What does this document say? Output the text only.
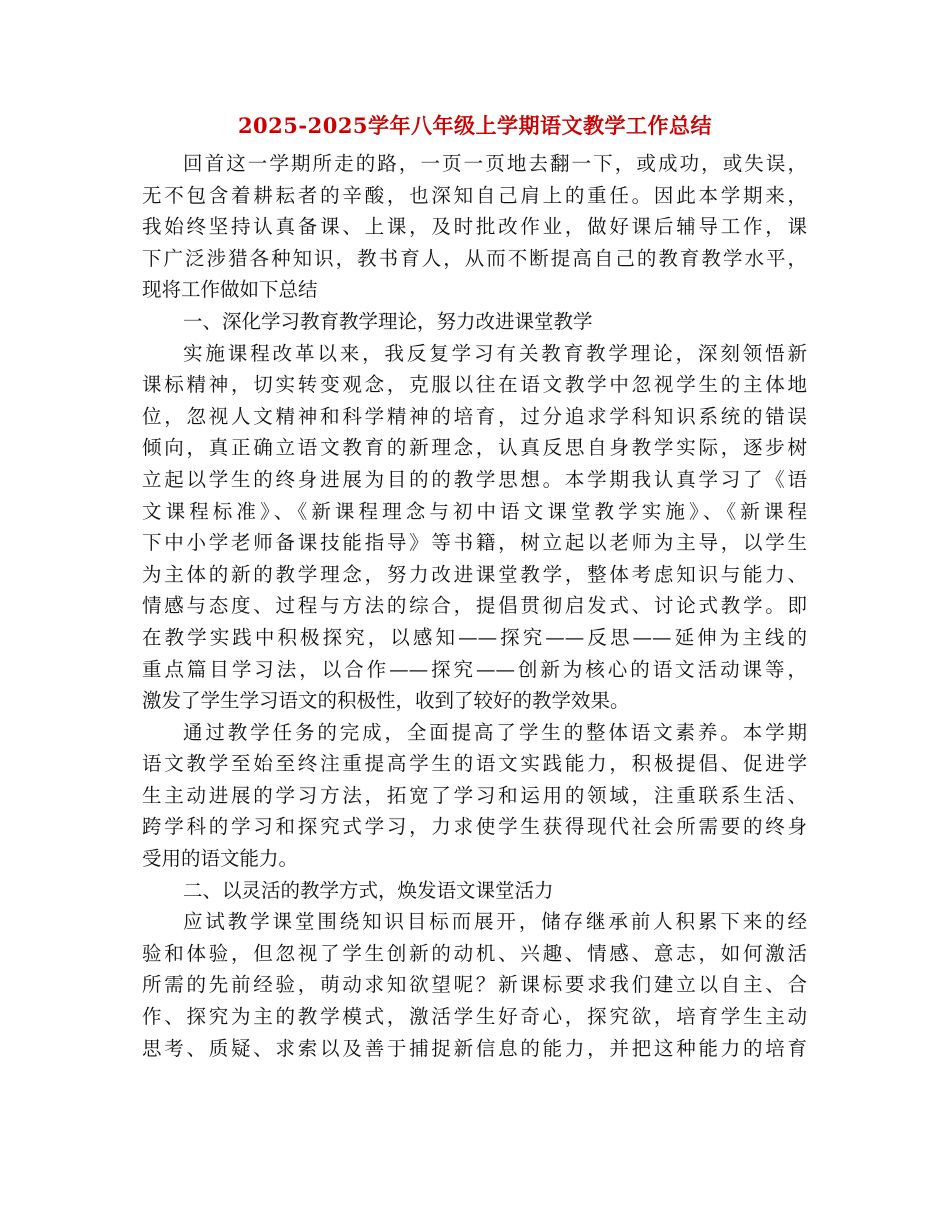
2025-2025学年八年级上学期语文教学工作总结
回首这一学期所走的路，一页一页地去翻一下，或成功，或失误，
无不包含着耕耘者的辛酸，也深知自己肩上的重任。因此本学期来，
我始终坚持认真备课、上课，及时批改作业，做好课后辅导工作，课
下广泛涉猎各种知识，教书育人，从而不断提高自己的教育教学水平，
现将工作做如下总结
一、深化学习教育教学理论，努力改进课堂教学
实施课程改革以来，我反复学习有关教育教学理论，深刻领悟新
课标精神，切实转变观念，克服以往在语文教学中忽视学生的主体地
位，忽视人文精神和科学精神的培育，过分追求学科知识系统的错误
倾向，真正确立语文教育的新理念，认真反思自身教学实际，逐步树
立起以学生的终身进展为目的的教学思想。本学期我认真学习了《语
文课程标准》、《新课程理念与初中语文课堂教学实施》、《新课程
下中小学老师备课技能指导》等书籍，树立起以老师为主导，以学生
为主体的新的教学理念，努力改进课堂教学，整体考虑知识与能力、
情感与态度、过程与方法的综合，提倡贯彻启发式、讨论式教学。即
在教学实践中积极探究，以感知——探究——反思——延伸为主线的
重点篇目学习法，以合作——探究——创新为核心的语文活动课等，
激发了学生学习语文的积极性，收到了较好的教学效果。
通过教学任务的完成，全面提高了学生的整体语文素养。本学期
语文教学至始至终注重提高学生的语文实践能力，积极提倡、促进学
生主动进展的学习方法，拓宽了学习和运用的领域，注重联系生活、
跨学科的学习和探究式学习，力求使学生获得现代社会所需要的终身
受用的语文能力。
二、以灵活的教学方式，焕发语文课堂活力
应试教学课堂围绕知识目标而展开，储存继承前人积累下来的经
验和体验，但忽视了学生创新的动机、兴趣、情感、意志，如何激活
所需的先前经验，萌动求知欲望呢？新课标要求我们建立以自主、合
作、探究为主的教学模式，激活学生好奇心，探究欲，培育学生主动
思考、质疑、求索以及善于捕捉新信息的能力，并把这种能力的培育
